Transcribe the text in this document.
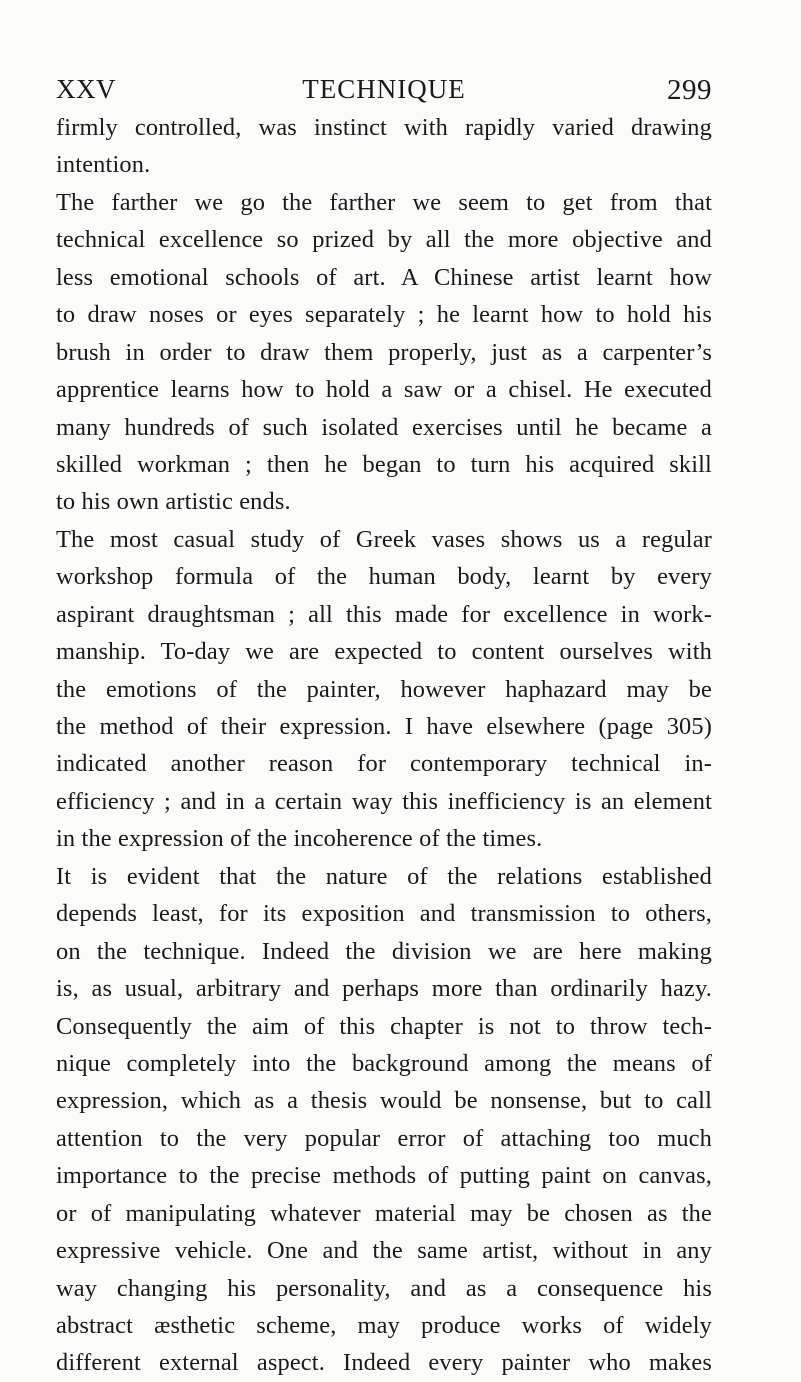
XXV	TECHNIQUE	299
firmly controlled, was instinct with rapidly varied drawing
intention.
The farther we go the farther we seem to get from that
technical excellence so prized by all the more objective and
less emotional schools of art. A Chinese artist learnt how
to draw noses or eyes separately ; he learnt how to hold his
brush in order to draw them properly, just as a carpenter’s
apprentice learns how to hold a saw or a chisel. He executed
many hundreds of such isolated exercises until he became a
skilled workman ; then he began to turn his acquired skill
to his own artistic ends.
The most casual study of Greek vases shows us a regular
workshop formula of the human body, learnt by every
aspirant draughtsman ; all this made for excellence in work-
manship. To-day we are expected to content ourselves with
the emotions of the painter, however haphazard may be
the method of their expression. I have elsewhere (page 305)
indicated another reason for contemporary technical in-
efficiency ; and in a certain way this inefficiency is an element
in the expression of the incoherence of the times.
It is evident that the nature of the relations established
depends least, for its exposition and transmission to others,
on the technique. Indeed the division we are here making
is, as usual, arbitrary and perhaps more than ordinarily hazy.
Consequently the aim of this chapter is not to throw tech-
nique completely into the background among the means of
expression, which as a thesis would be nonsense, but to call
attention to the very popular error of attaching too much
importance to the precise methods of putting paint on canvas,
or of manipulating whatever material may be chosen as the
expressive vehicle. One and the same artist, without in any
way changing his personality, and as a consequence his
abstract æsthetic scheme, may produce works of widely
different external aspect. Indeed every painter who makes
